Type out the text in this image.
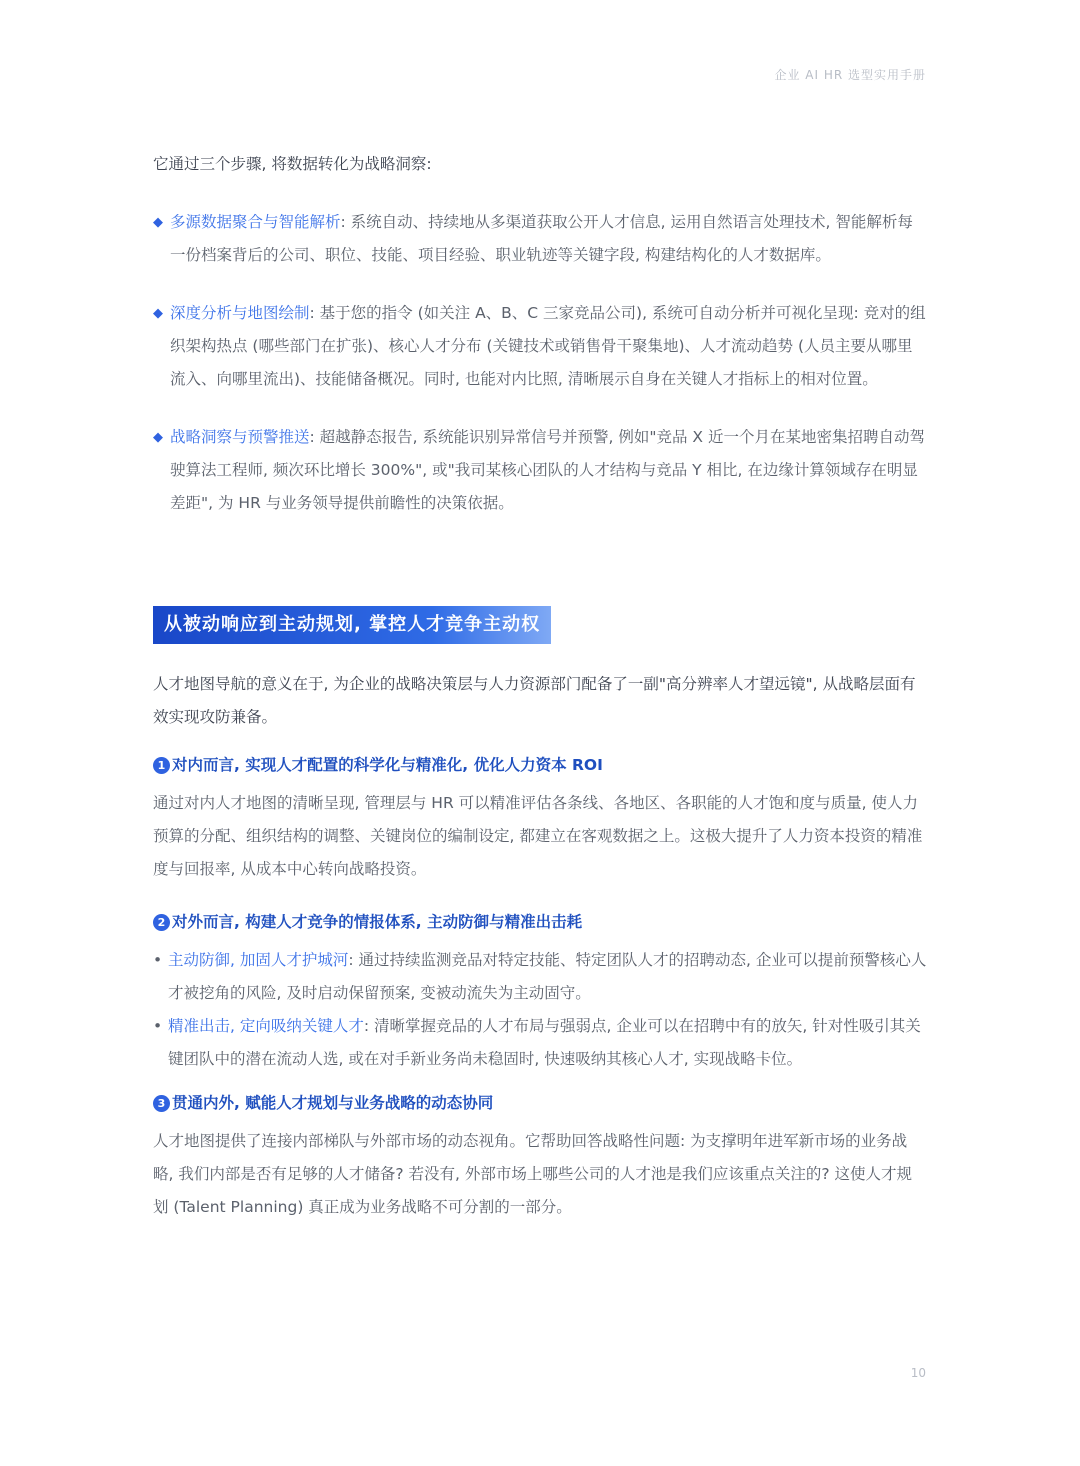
企业 AI HR 选型实用手册

它通过三个步骤, 将数据转化为战略洞察:

◆ 多源数据聚合与智能解析: 系统自动、持续地从多渠道获取公开人才信息, 运用自然语言处理技术, 智能解析每一份档案背后的公司、职位、技能、项目经验、职业轨迹等关键字段, 构建结构化的人才数据库。
◆ 深度分析与地图绘制: 基于您的指令 (如关注 A、B、C 三家竞品公司), 系统可自动分析并可视化呈现: 竞对的组织架构热点 (哪些部门在扩张)、核心人才分布 (关键技术或销售骨干聚集地)、人才流动趋势 (人员主要从哪里流入、向哪里流出)、技能储备概况。同时, 也能对内比照, 清晰展示自身在关键人才指标上的相对位置。
◆ 战略洞察与预警推送: 超越静态报告, 系统能识别异常信号并预警, 例如"竞品 X 近一个月在某地密集招聘自动驾驶算法工程师, 频次环比增长 300%", 或"我司某核心团队的人才结构与竞品 Y 相比, 在边缘计算领域存在明显差距", 为 HR 与业务领导提供前瞻性的决策依据。
从被动响应到主动规划, 掌控人才竞争主动权

人才地图导航的意义在于, 为企业的战略决策层与人力资源部门配备了一副"高分辨率人才望远镜", 从战略层面有效实现攻防兼备。

1 对内而言, 实现人才配置的科学化与精准化, 优化人力资本 ROI

通过对内人才地图的清晰呈现, 管理层与 HR 可以精准评估各条线、各地区、各职能的人才饱和度与质量, 使人力预算的分配、组织结构的调整、关键岗位的编制设定, 都建立在客观数据之上。这极大提升了人力资本投资的精准度与回报率, 从成本中心转向战略投资。

2 对外而言, 构建人才竞争的情报体系, 主动防御与精准出击耗
• 主动防御, 加固人才护城河: 通过持续监测竞品对特定技能、特定团队人才的招聘动态, 企业可以提前预警核心人才被挖角的风险, 及时启动保留预案, 变被动流失为主动固守。
• 精准出击, 定向吸纳关键人才: 清晰掌握竞品的人才布局与强弱点, 企业可以在招聘中有的放矢, 针对性吸引其关键团队中的潜在流动人选, 或在对手新业务尚未稳固时, 快速吸纳其核心人才, 实现战略卡位。
3 贯通内外, 赋能人才规划与业务战略的动态协同

人才地图提供了连接内部梯队与外部市场的动态视角。它帮助回答战略性问题: 为支撑明年进军新市场的业务战略, 我们内部是否有足够的人才储备? 若没有, 外部市场上哪些公司的人才池是我们应该重点关注的? 这使人才规划 (Talent Planning) 真正成为业务战略不可分割的一部分。

10
